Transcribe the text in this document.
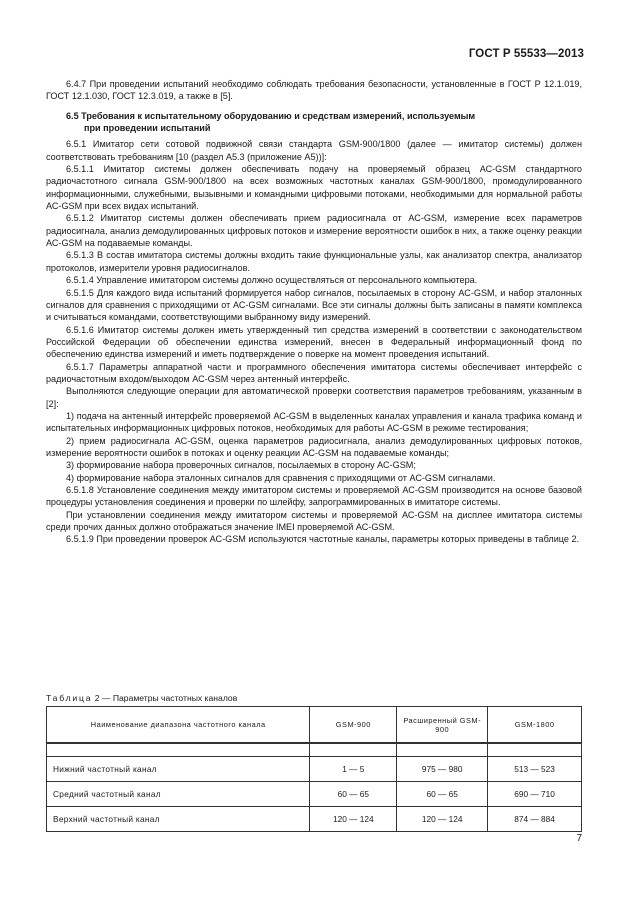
ГОСТ Р 55533—2013

6.4.7 При проведении испытаний необходимо соблюдать требования безопасности, установленные в ГОСТ Р 12.1.019, ГОСТ 12.1.030, ГОСТ 12.3.019, а также в [5].

6.5 Требования к испытательному оборудованию и средствам измерений, используемым
при проведении испытаний

6.5.1 Имитатор сети сотовой подвижной связи стандарта GSM-900/1800 (далее — имитатор системы) должен соответствовать требованиям [10 (раздел А5.3 (приложение А5))]:

6.5.1.1 Имитатор системы должен обеспечивать подачу на проверяемый образец АС-GSM стандартного радиочастотного сигнала GSM-900/1800 на всех возможных частотных каналах GSM-900/1800, промодулированного информационными, служебными, вызывными и командными цифровыми потоками, необходимыми для нормальной работы АС-GSM при всех видах испытаний.

6.5.1.2 Имитатор системы должен обеспечивать прием радиосигнала от АС-GSM, измерение всех параметров радиосигнала, анализ демодулированных цифровых потоков и измерение вероятности ошибок в них, а также оценку реакции АС-GSM на подаваемые команды.

6.5.1.3 В состав имитатора системы должны входить такие функциональные узлы, как анализатор спектра, анализатор протоколов, измерители уровня радиосигналов.

6.5.1.4 Управление имитатором системы должно осуществляться от персонального компьютера.

6.5.1.5 Для каждого вида испытаний формируется набор сигналов, посылаемых в сторону АС-GSM, и набор эталонных сигналов для сравнения с приходящими от АС-GSM сигналами. Все эти сигналы должны быть записаны в памяти комплекса и считываться командами, соответствующими выбранному виду измерений.

6.5.1.6 Имитатор системы должен иметь утвержденный тип средства измерений в соответствии с законодательством Российской Федерации об обеспечении единства измерений, внесен в Федеральный информационный фонд по обеспечению единства измерений и иметь подтверждение о поверке на момент проведения испытаний.

6.5.1.7 Параметры аппаратной части и программного обеспечения имитатора системы обеспечивает интерфейс с радиочастотным входом/выходом АС-GSM через антенный интерфейс.

Выполняются следующие операции для автоматической проверки соответствия параметров требованиям, указанным в [2]:

1) подача на антенный интерфейс проверяемой АС-GSM в выделенных каналах управления и канала трафика команд и испытательных информационных цифровых потоков, необходимых для работы АС-GSM в режиме тестирования;

2) прием радиосигнала АС-GSM, оценка параметров радиосигнала, анализ демодулированных цифровых потоков, измерение вероятности ошибок в потоках и оценку реакции АС-GSM на подаваемые команды;

3) формирование набора проверочных сигналов, посылаемых в сторону АС-GSM;

4) формирование набора эталонных сигналов для сравнения с приходящими от АС-GSM сигналами.

6.5.1.8 Установление соединения между имитатором системы и проверяемой АС-GSM производится на основе базовой процедуры установления соединения и проверки по шлейфу, запрограммированных в имитаторе системы.

При установлении соединения между имитатором системы и проверяемой АС-GSM на дисплее имитатора системы среди прочих данных должно отображаться значение IMEI проверяемой АС-GSM.

6.5.1.9 При проведении проверок АС-GSM используются частотные каналы, параметры которых приведены в таблице 2.

Таблица 2 — Параметры частотных каналов
Наименование диапазона частотного канала	GSM-900	Расширенный GSM-900	GSM-1800

Нижний частотный канал	1 — 5	975 — 980	513 — 523
Средний частотный канал	60 — 65	60 — 65	690 — 710
Верхний частотный канал	120 — 124	120 — 124	874 — 884
7
